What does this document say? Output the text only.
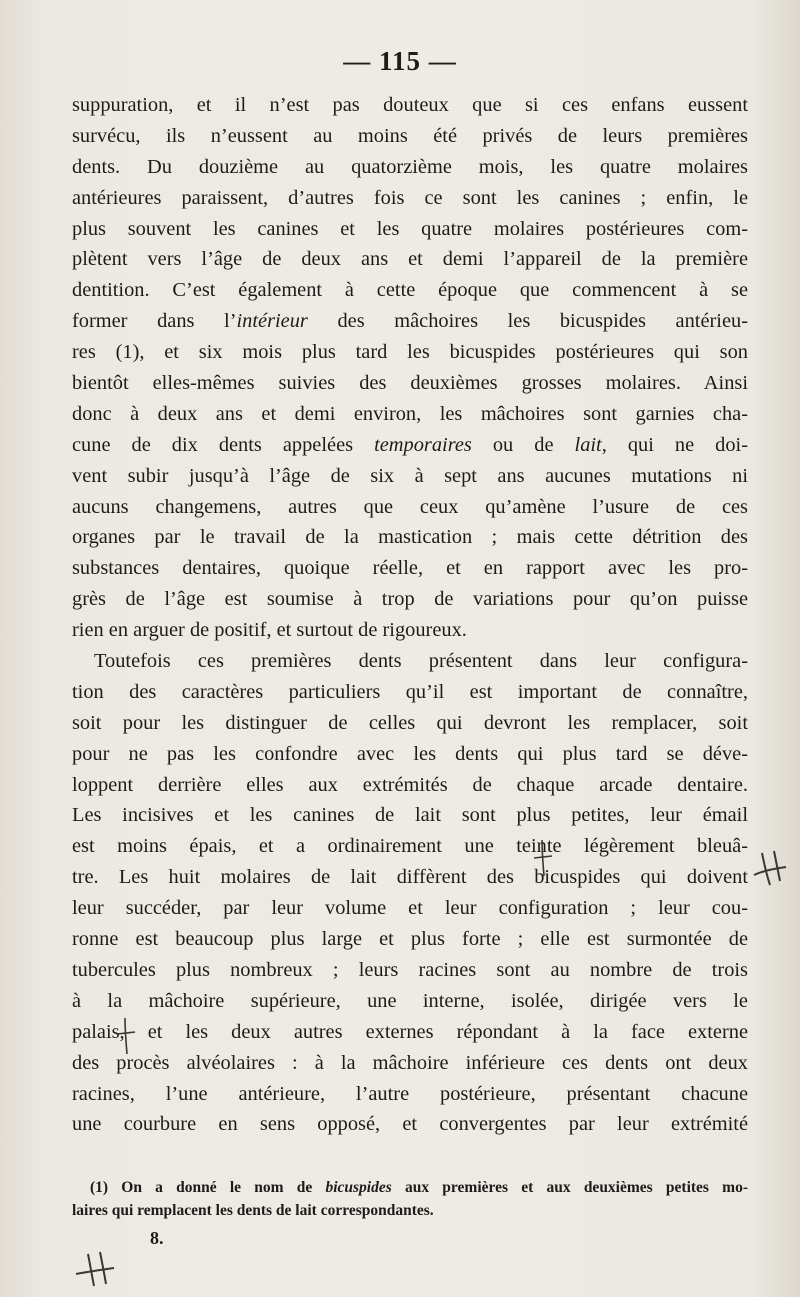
— 115 —
suppuration, et il n’est pas douteux que si ces enfans eussent
survécu, ils n’eussent au moins été privés de leurs premières
dents. Du douzième au quatorzième mois, les quatre molaires
antérieures paraissent, d’autres fois ce sont les canines ; enfin, le
plus souvent les canines et les quatre molaires postérieures com-
plètent vers l’âge de deux ans et demi l’appareil de la première
dentition. C’est également à cette époque que commencent à se
former dans l’intérieur des mâchoires les bicuspides antérieu-
res (1), et six mois plus tard les bicuspides postérieures qui son
bientôt elles-mêmes suivies des deuxièmes grosses molaires. Ainsi
donc à deux ans et demi environ, les mâchoires sont garnies cha-
cune de dix dents appelées temporaires ou de lait, qui ne doi-
vent subir jusqu’à l’âge de six à sept ans aucunes mutations ni
aucuns changemens, autres que ceux qu’amène l’usure de ces
organes par le travail de la mastication ; mais cette détrition des
substances dentaires, quoique réelle, et en rapport avec les pro-
grès de l’âge est soumise à trop de variations pour qu’on puisse
rien en arguer de positif, et surtout de rigoureux.
Toutefois ces premières dents présentent dans leur configura-
tion des caractères particuliers qu’il est important de connaître,
soit pour les distinguer de celles qui devront les remplacer, soit
pour ne pas les confondre avec les dents qui plus tard se déve-
loppent derrière elles aux extrémités de chaque arcade dentaire.
Les incisives et les canines de lait sont plus petites, leur émail
est moins épais, et a ordinairement une teinte légèrement bleuâ-
tre. Les huit molaires de lait diffèrent des bicuspides qui doivent
leur succéder, par leur volume et leur configuration ; leur cou-
ronne est beaucoup plus large et plus forte ; elle est surmontée de
tubercules plus nombreux ; leurs racines sont au nombre de trois
à la mâchoire supérieure, une interne, isolée, dirigée vers le
palais, et les deux autres externes répondant à la face externe
des procès alvéolaires : à la mâchoire inférieure ces dents ont deux
racines, l’une antérieure, l’autre postérieure, présentant chacune
une courbure en sens opposé, et convergentes par leur extrémité
(1) On a donné le nom de bicuspides aux premières et aux deuxièmes petites mo-
laires qui remplacent les dents de lait correspondantes.
8.
